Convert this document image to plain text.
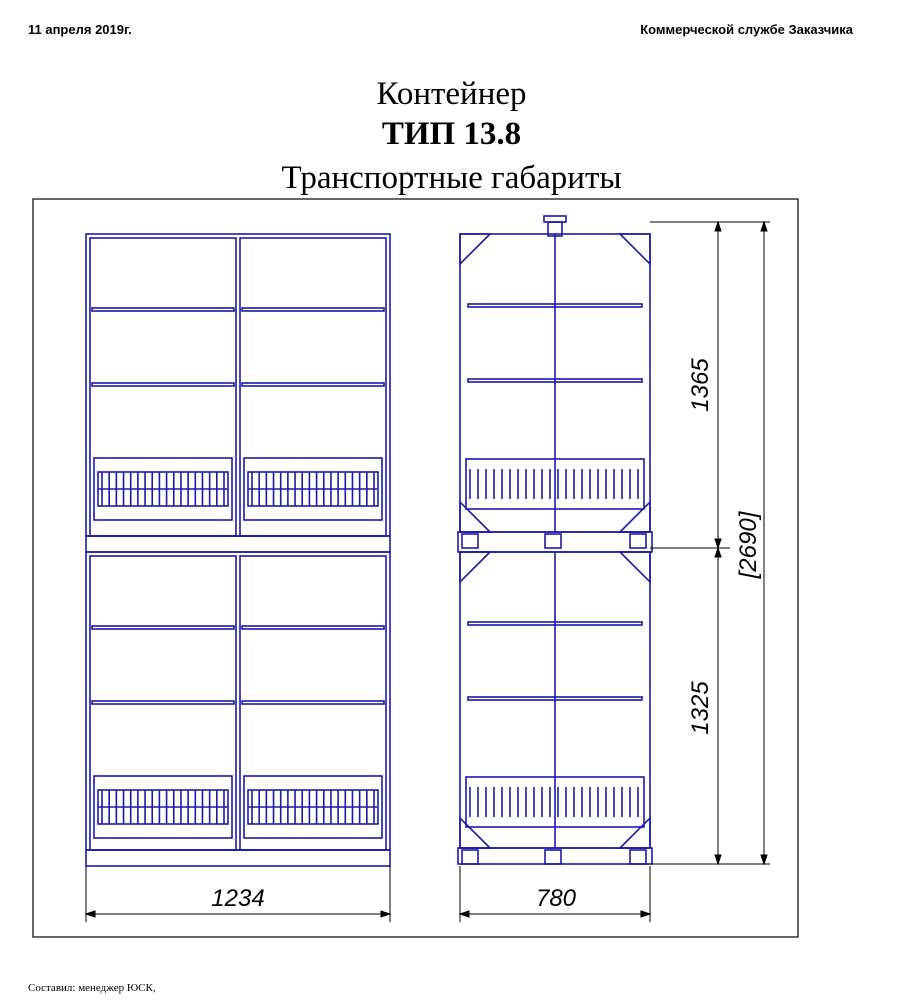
11 апреля 2019г.	Коммерческой службе Заказчика
Контейнер
ТИП 13.8
Транспортные габариты
1234	780
1365
1325
[2690]
Составил: менеджер ЮСК,
